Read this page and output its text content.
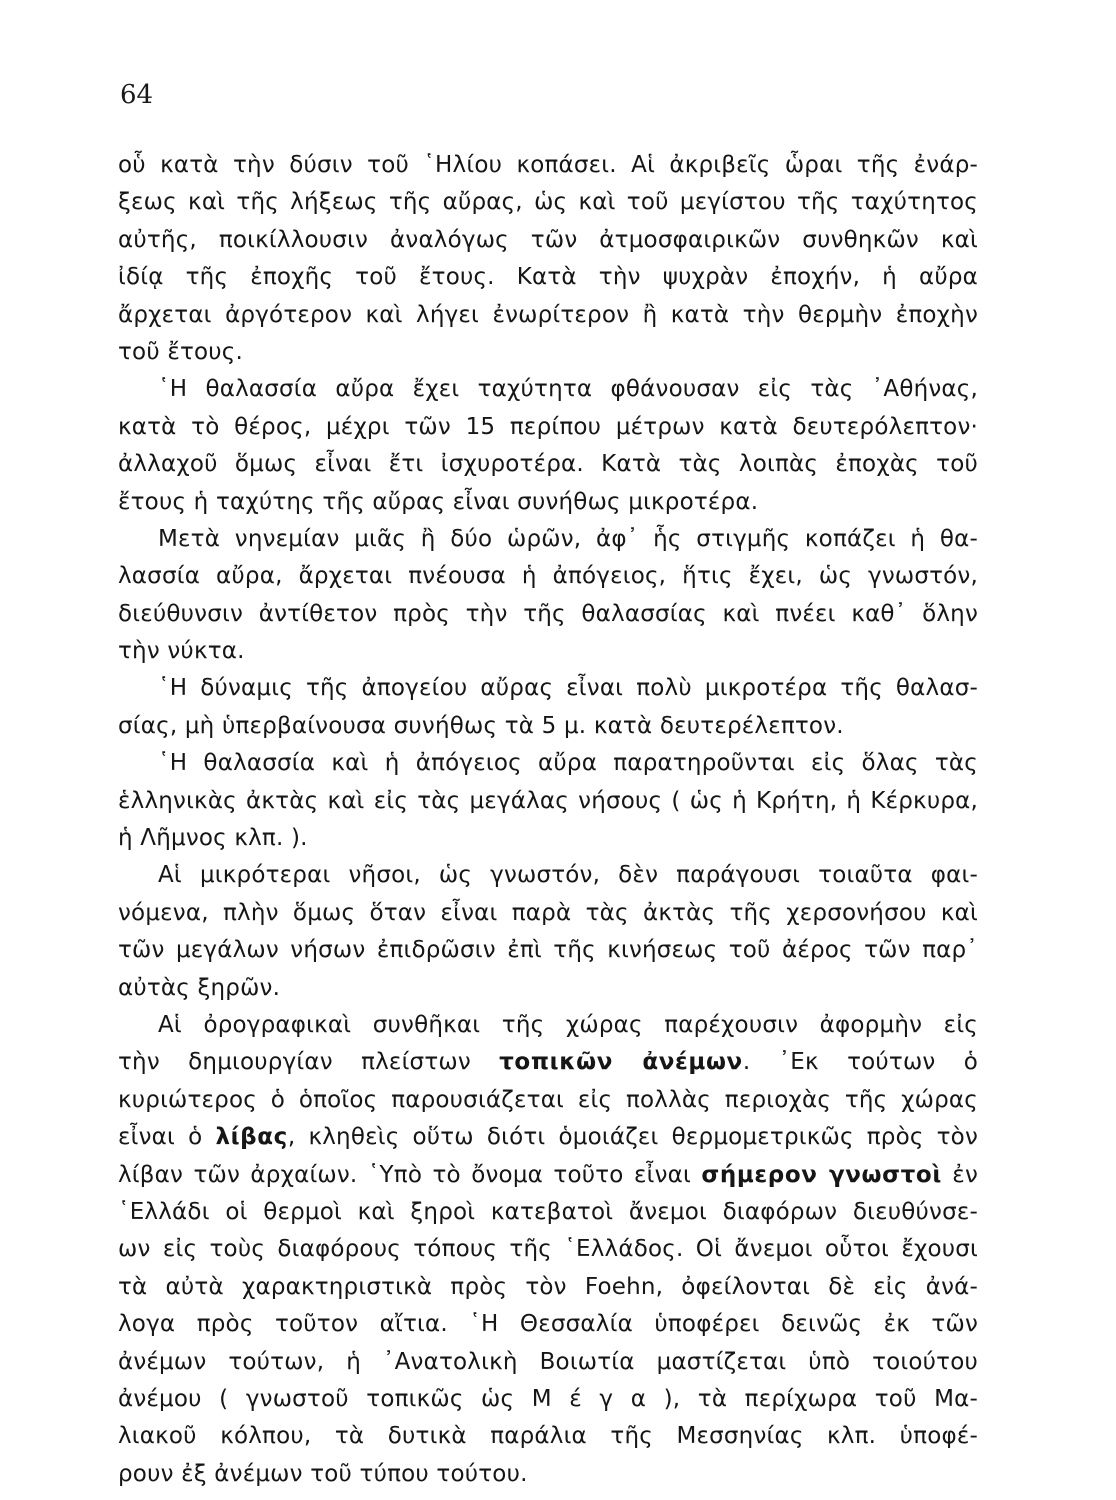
64
οὗ κατὰ τὴν δύσιν τοῦ ῾Ηλίου κοπάσει. Αἱ ἀκριβεῖς ὧραι τῆς ἐνάρ-
ξεως καὶ τῆς λήξεως τῆς αὔρας, ὡς καὶ τοῦ μεγίστου τῆς ταχύτητος
αὐτῆς, ποικίλλουσιν ἀναλόγως τῶν ἀτμοσφαιρικῶν συνθηκῶν καὶ
ἰδίᾳ τῆς ἐποχῆς τοῦ ἔτους. Κατὰ τὴν ψυχρὰν ἐποχήν, ἡ αὔρα
ἄρχεται ἀργότερον καὶ λήγει ἐνωρίτερον ἢ κατὰ τὴν θερμὴν ἐποχὴν
τοῦ ἔτους.
῾Η θαλασσία αὔρα ἔχει ταχύτητα φθάνουσαν εἰς τὰς ᾿Αθήνας,
κατὰ τὸ θέρος, μέχρι τῶν 15 περίπου μέτρων κατὰ δευτερόλεπτον·
ἀλλαχοῦ ὅμως εἶναι ἔτι ἰσχυροτέρα. Κατὰ τὰς λοιπὰς ἐποχὰς τοῦ
ἔτους ἡ ταχύτης τῆς αὔρας εἶναι συνήθως μικροτέρα.
Μετὰ νηνεμίαν μιᾶς ἢ δύο ὡρῶν, ἀφ᾿ ἧς στιγμῆς κοπάζει ἡ θα-
λασσία αὔρα, ἄρχεται πνέουσα ἡ ἀπόγειος, ἥτις ἔχει, ὡς γνωστόν,
διεύθυνσιν ἀντίθετον πρὸς τὴν τῆς θαλασσίας καὶ πνέει καθ᾿ ὅλην
τὴν νύκτα.
῾Η δύναμις τῆς ἀπογείου αὔρας εἶναι πολὺ μικροτέρα τῆς θαλασ-
σίας, μὴ ὑπερβαίνουσα συνήθως τὰ 5 μ. κατὰ δευτερέλεπτον.
῾Η θαλασσία καὶ ἡ ἀπόγειος αὔρα παρατηροῦνται εἰς ὅλας τὰς
ἑλληνικὰς ἀκτὰς καὶ εἰς τὰς μεγάλας νήσους ( ὡς ἡ Κρήτη, ἡ Κέρκυρα,
ἡ Λῆμνος κλπ. ).
Αἱ μικρότεραι νῆσοι, ὡς γνωστόν, δὲν παράγουσι τοιαῦτα φαι-
νόμενα, πλὴν ὅμως ὅταν εἶναι παρὰ τὰς ἀκτὰς τῆς χερσονήσου καὶ
τῶν μεγάλων νήσων ἐπιδρῶσιν ἐπὶ τῆς κινήσεως τοῦ ἀέρος τῶν παρ᾿
αὐτὰς ξηρῶν.
Αἱ ὀρογραφικαὶ συνθῆκαι τῆς χώρας παρέχουσιν ἀφορμὴν εἰς
τὴν δημιουργίαν πλείστων τοπικῶν ἀνέμων. ᾿Εκ τούτων ὁ
κυριώτερος ὁ ὁποῖος παρουσιάζεται εἰς πολλὰς περιοχὰς τῆς χώρας
εἶναι ὁ λίβας, κληθεὶς οὕτω διότι ὁμοιάζει θερμομετρικῶς πρὸς τὸν
λίβαν τῶν ἀρχαίων. ῾Υπὸ τὸ ὄνομα τοῦτο εἶναι σήμερον γνωστοὶ ἐν
῾Ελλάδι οἱ θερμοὶ καὶ ξηροὶ κατεβατοὶ ἄνεμοι διαφόρων διευθύνσε-
ων εἰς τοὺς διαφόρους τόπους τῆς ῾Ελλάδος. Οἱ ἄνεμοι οὗτοι ἔχουσι
τὰ αὐτὰ χαρακτηριστικὰ πρὸς τὸν Foehn, ὀφείλονται δὲ εἰς ἀνά-
λογα πρὸς τοῦτον αἴτια. ῾Η Θεσσαλία ὑποφέρει δεινῶς ἐκ τῶν
ἀνέμων τούτων, ἡ ᾿Ανατολικὴ Βοιωτία μαστίζεται ὑπὸ τοιούτου
ἀνέμου ( γνωστοῦ τοπικῶς ὡς Μ έ γ α ), τὰ περίχωρα τοῦ Μα-
λιακοῦ κόλπου, τὰ δυτικὰ παράλια τῆς Μεσσηνίας κλπ. ὑποφέ-
ρουν ἐξ ἀνέμων τοῦ τύπου τούτου.
